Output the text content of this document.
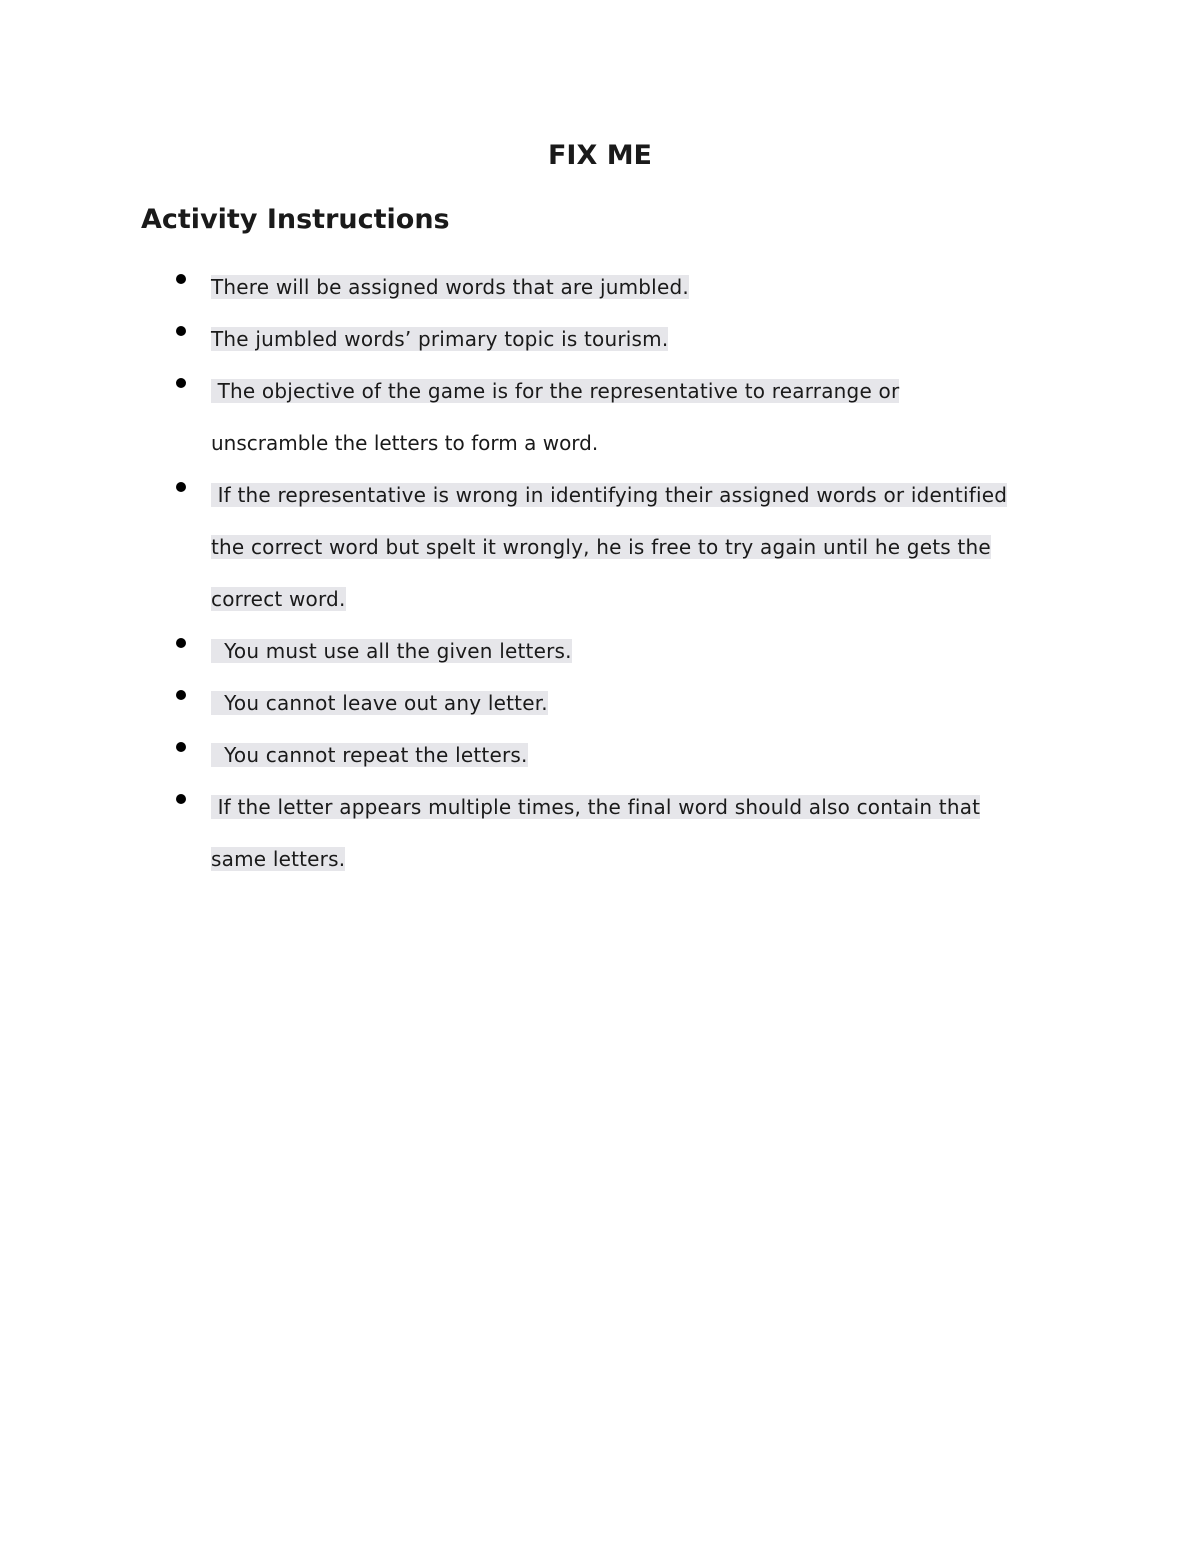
FIX ME
Activity Instructions
There will be assigned words that are jumbled.
The jumbled words’ primary topic is tourism.
The objective of the game is for the representative to rearrange or
unscramble the letters to form a word.
If the representative is wrong in identifying their assigned words or identified
the correct word but spelt it wrongly, he is free to try again until he gets the
correct word.
You must use all the given letters.
You cannot leave out any letter.
You cannot repeat the letters.
If the letter appears multiple times, the final word should also contain that
same letters.
